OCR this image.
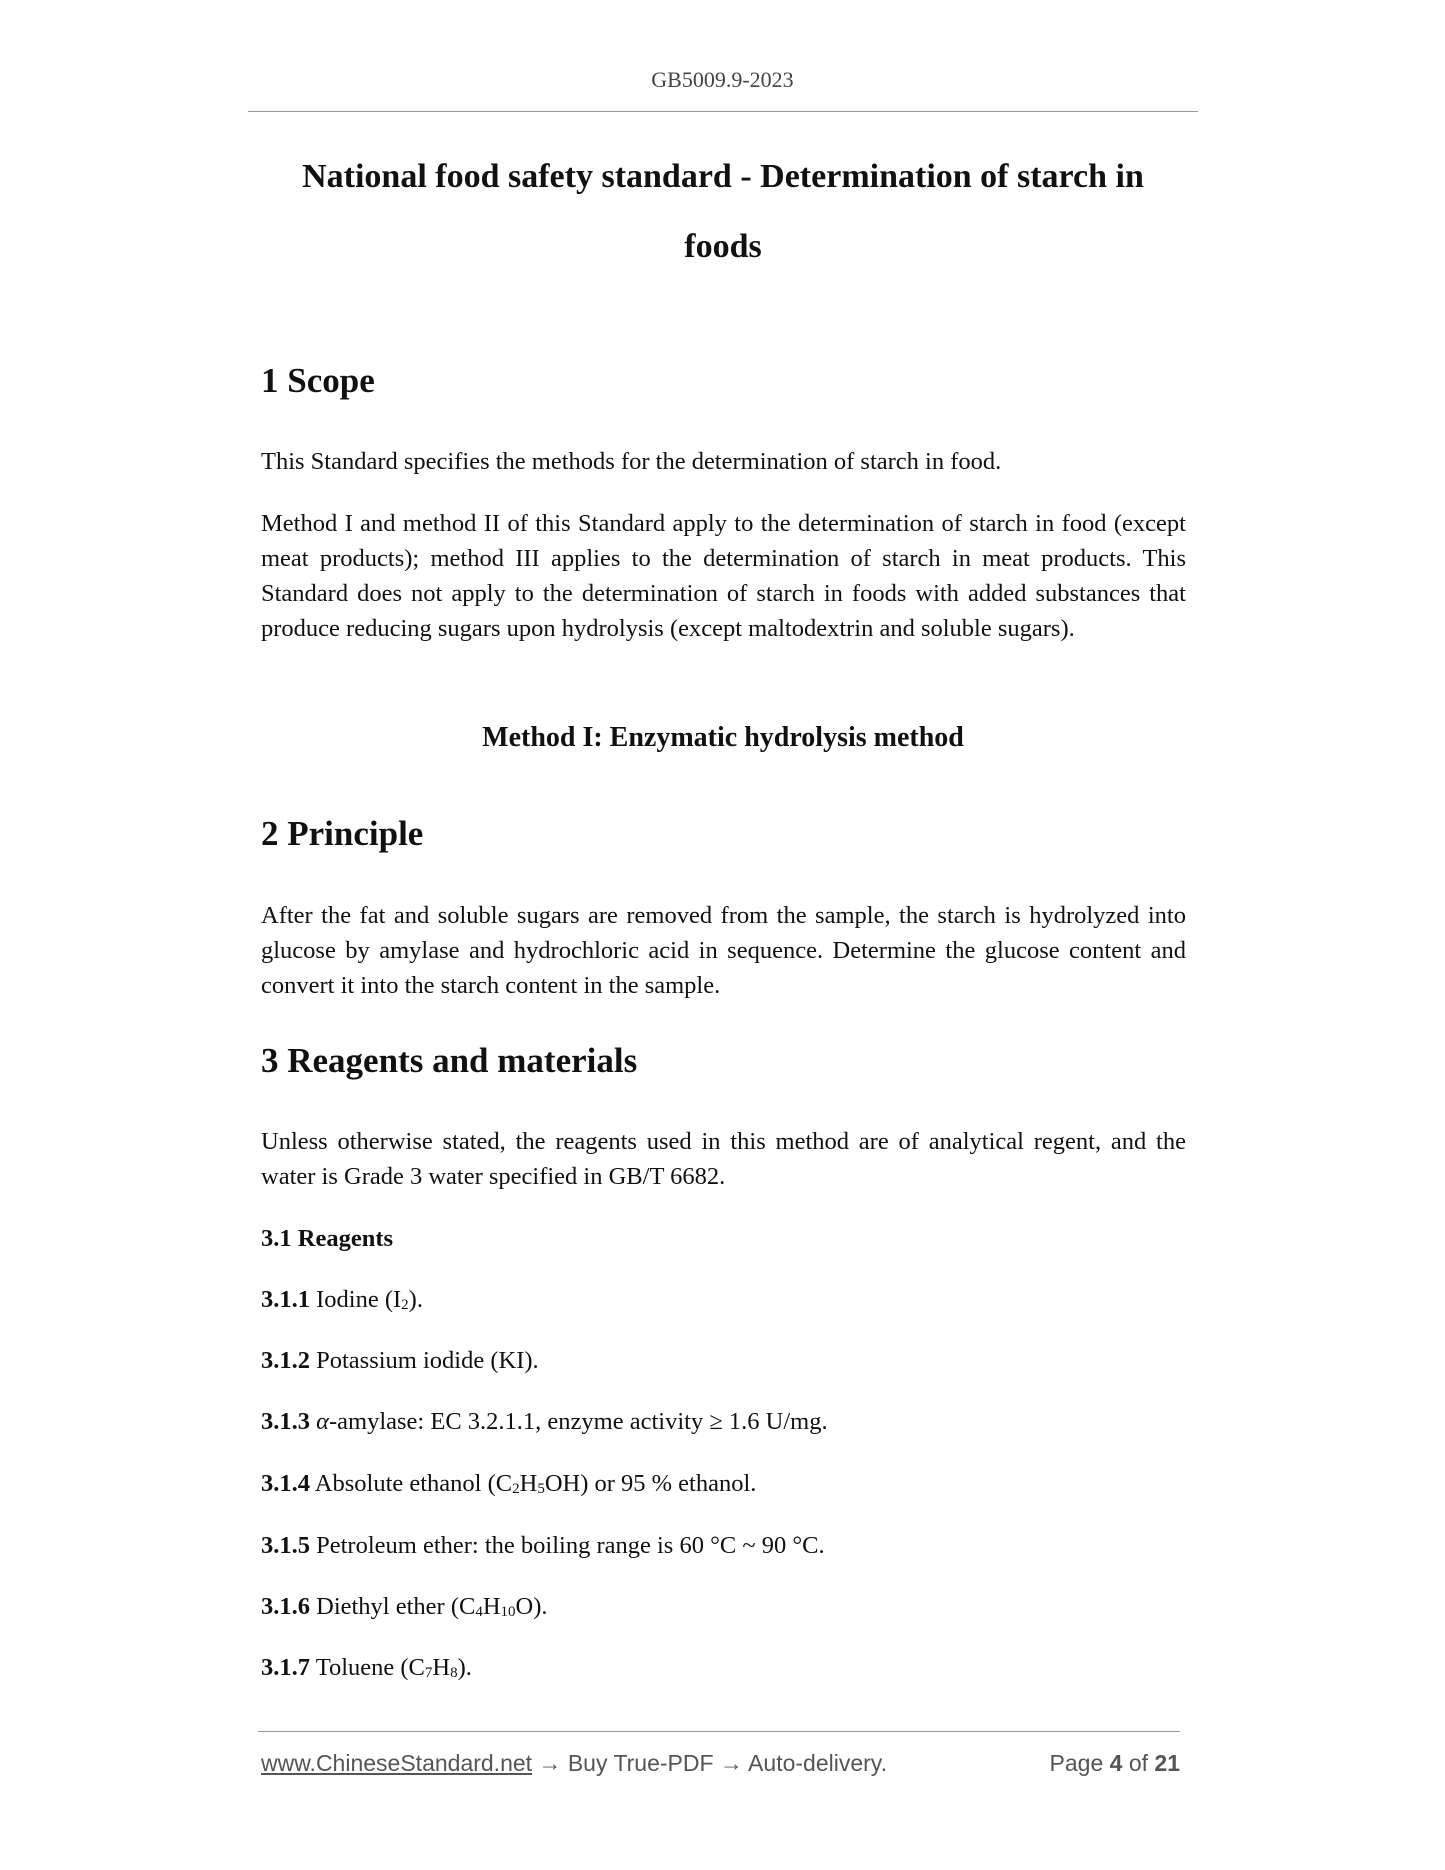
GB5009.9-2023
National food safety standard - Determination of starch in
foods
1 Scope
This Standard specifies the methods for the determination of starch in food.
Method I and method II of this Standard apply to the determination of starch in food (except meat products); method III applies to the determination of starch in meat products. This Standard does not apply to the determination of starch in foods with added substances that produce reducing sugars upon hydrolysis (except maltodextrin and soluble sugars).
Method I: Enzymatic hydrolysis method
2 Principle
After the fat and soluble sugars are removed from the sample, the starch is hydrolyzed into glucose by amylase and hydrochloric acid in sequence. Determine the glucose content and convert it into the starch content in the sample.
3 Reagents and materials
Unless otherwise stated, the reagents used in this method are of analytical regent, and the water is Grade 3 water specified in GB/T 6682.
3.1 Reagents
3.1.1 Iodine $(I_2)$.
3.1.2 Potassium iodide (KI).
3.1.3 α-amylase: EC 3.2.1.1, enzyme activity ≥ 1.6 U/mg.
3.1.4 Absolute ethanol $(C_2H_5OH)$ or 95 % ethanol.
3.1.5 Petroleum ether: the boiling range is 60 °C ~ 90 °C.
3.1.6 Diethyl ether $(C_4H_{10}O)$.
3.1.7 Toluene $(C_7H_8)$.
www.ChineseStandard.net → Buy True-PDF → Auto-delivery.	Page 4 of 21
